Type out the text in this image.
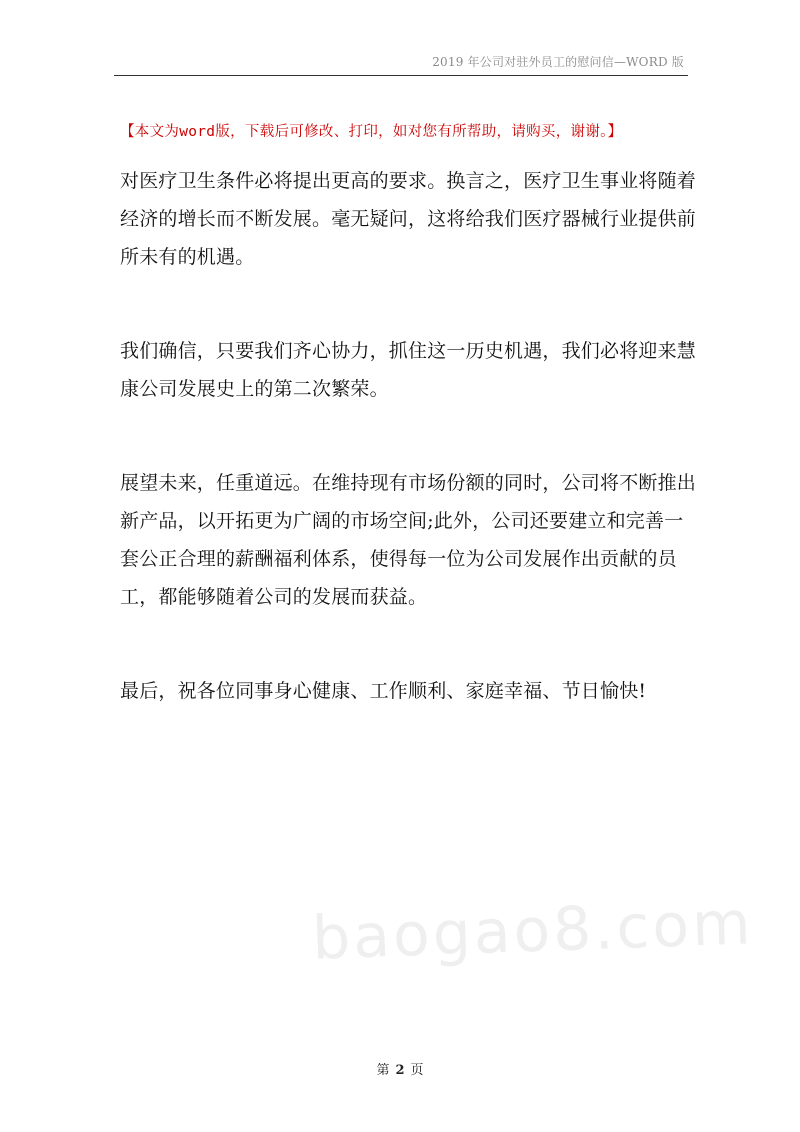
2019 年公司对驻外员工的慰问信—WORD 版
【本文为word版，下载后可修改、打印，如对您有所帮助，请购买，谢谢。】
对医疗卫生条件必将提出更高的要求。换言之，医疗卫生事业将随着
经济的增长而不断发展。毫无疑问，这将给我们医疗器械行业提供前
所未有的机遇。
我们确信，只要我们齐心协力，抓住这一历史机遇，我们必将迎来慧
康公司发展史上的第二次繁荣。
展望未来，任重道远。在维持现有市场份额的同时，公司将不断推出
新产品，以开拓更为广阔的市场空间;此外，公司还要建立和完善一
套公正合理的薪酬福利体系，使得每一位为公司发展作出贡献的员
工，都能够随着公司的发展而获益。
最后，祝各位同事身心健康、工作顺利、家庭幸福、节日愉快!
baogao8.com
第 2 页
